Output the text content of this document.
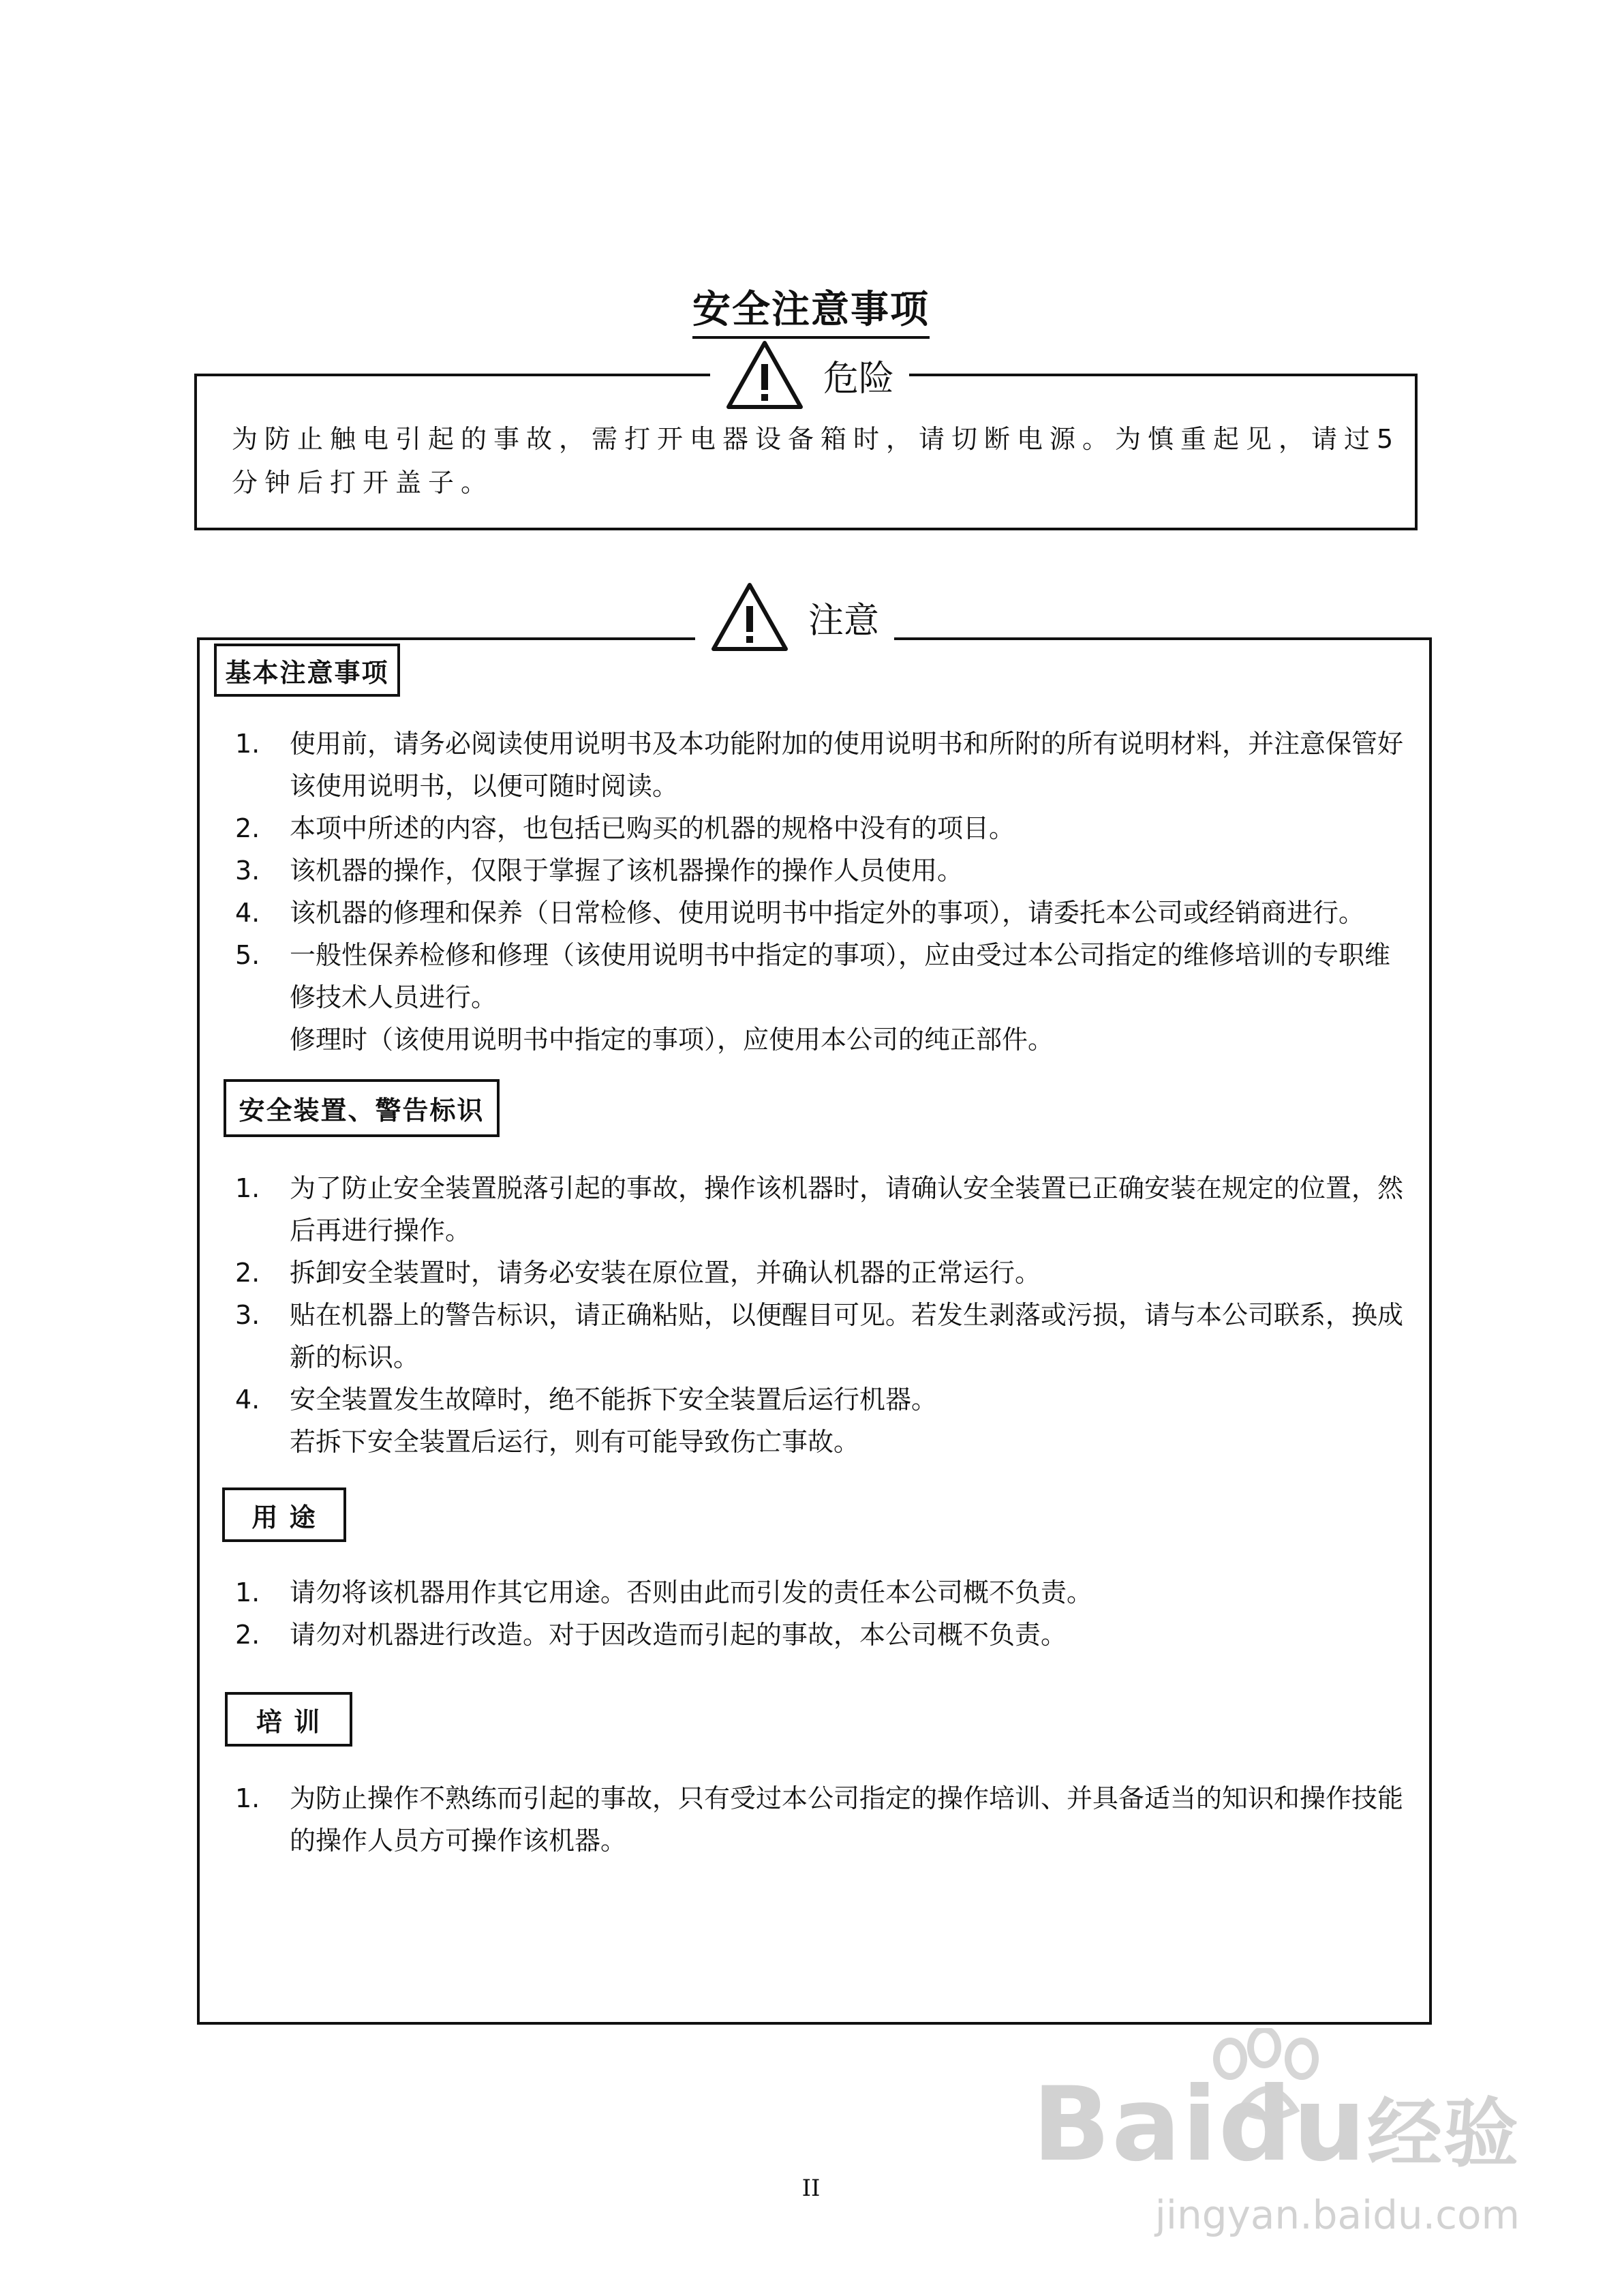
安全注意事项
危险
为防止触电引起的事故，需打开电器设备箱时，请切断电源。为慎重起见，请过5分钟后打开盖子。
注意
基本注意事项
1. 使用前，请务必阅读使用说明书及本功能附加的使用说明书和所附的所有说明材料，并注意保管好该使用说明书，以便可随时阅读。
2. 本项中所述的内容，也包括已购买的机器的规格中没有的项目。
3. 该机器的操作，仅限于掌握了该机器操作的操作人员使用。
4. 该机器的修理和保养（日常检修、使用说明书中指定外的事项），请委托本公司或经销商进行。
5. 一般性保养检修和修理（该使用说明书中指定的事项），应由受过本公司指定的维修培训的专职维修技术人员进行。
修理时（该使用说明书中指定的事项），应使用本公司的纯正部件。
安全装置、警告标识
1. 为了防止安全装置脱落引起的事故，操作该机器时，请确认安全装置已正确安装在规定的位置，然后再进行操作。
2. 拆卸安全装置时，请务必安装在原位置，并确认机器的正常运行。
3. 贴在机器上的警告标识，请正确粘贴，以便醒目可见。若发生剥落或污损，请与本公司联系，换成新的标识。
4. 安全装置发生故障时，绝不能拆下安全装置后运行机器。
若拆下安全装置后运行，则有可能导致伤亡事故。
用 途
1. 请勿将该机器用作其它用途。否则由此而引发的责任本公司概不负责。
2. 请勿对机器进行改造。对于因改造而引起的事故，本公司概不负责。
培 训
1. 为防止操作不熟练而引起的事故，只有受过本公司指定的操作培训、并具备适当的知识和操作技能的操作人员方可操作该机器。
Baidu经验
jingyan.baidu.com
II
